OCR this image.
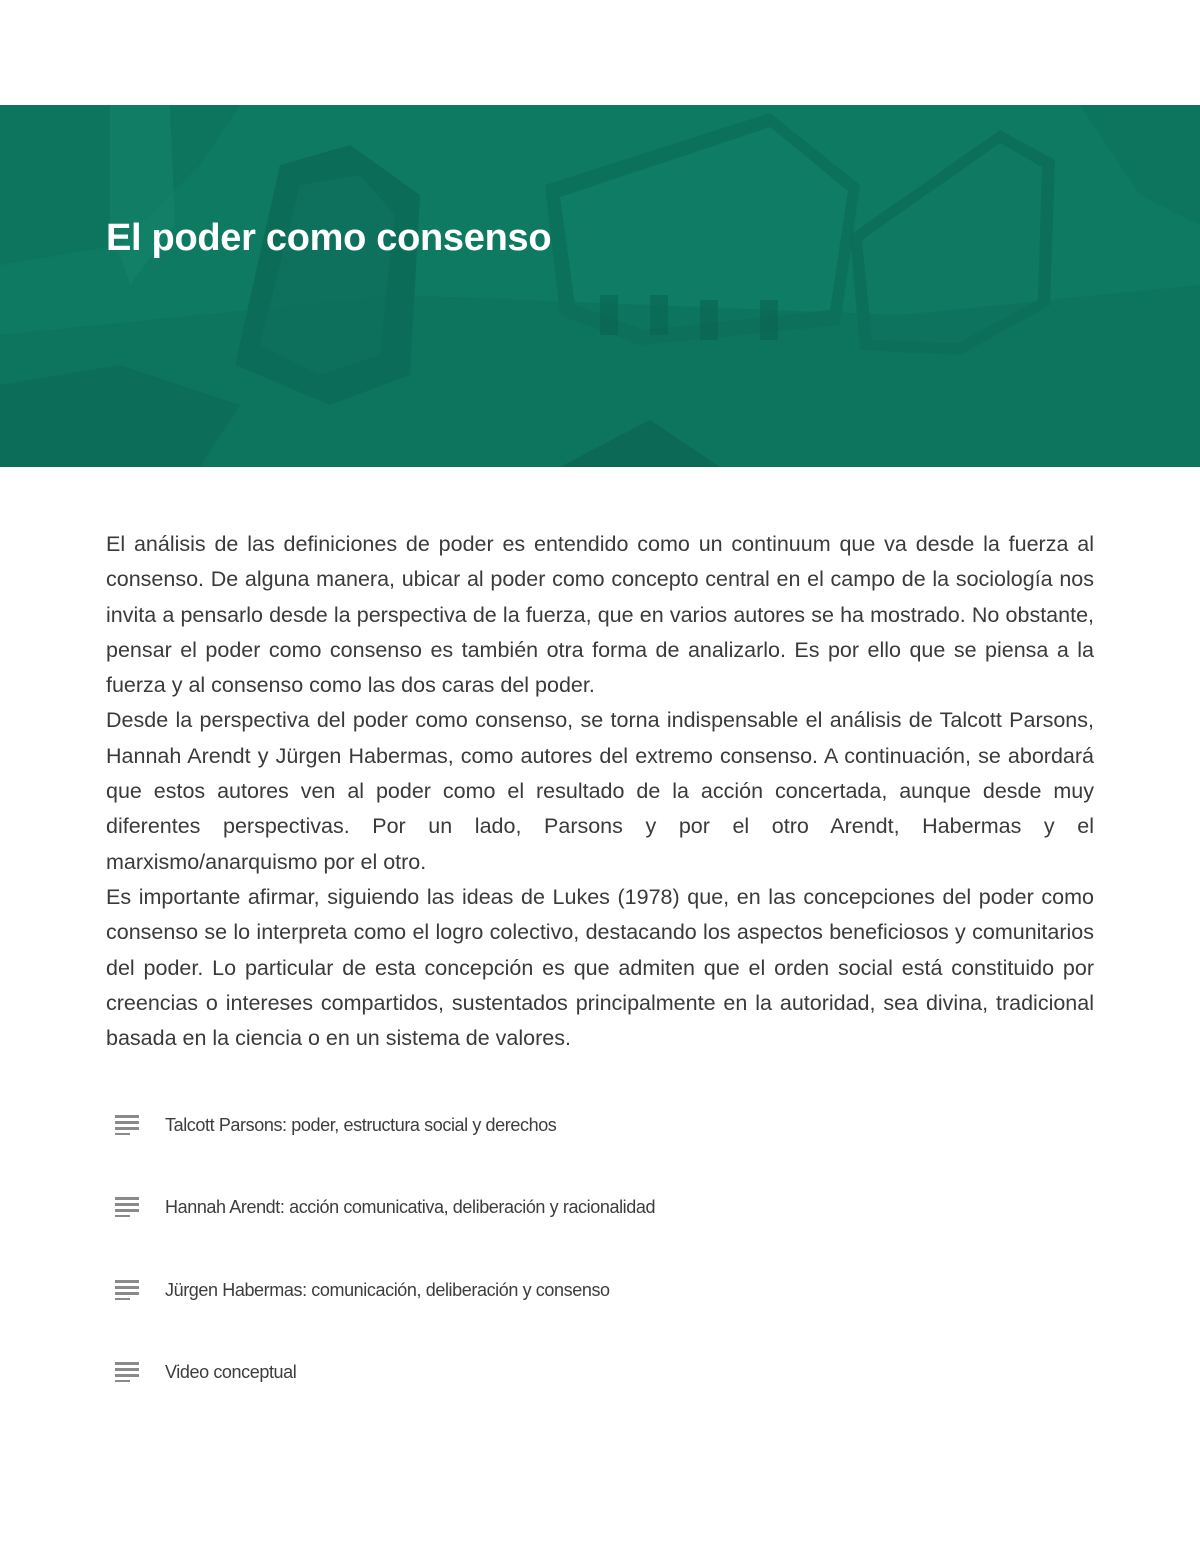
El poder como consenso

El análisis de las definiciones de poder es entendido como un continuum que va desde la fuerza al consenso. De alguna manera, ubicar al poder como concepto central en el campo de la sociología nos invita a pensarlo desde la perspectiva de la fuerza, que en varios autores se ha mostrado. No obstante, pensar el poder como consenso es también otra forma de analizarlo. Es por ello que se piensa a la fuerza y al consenso como las dos caras del poder.

Desde la perspectiva del poder como consenso, se torna indispensable el análisis de Talcott Parsons, Hannah Arendt y Jürgen Habermas, como autores del extremo consenso. A continuación, se abordará que estos autores ven al poder como el resultado de la acción concertada, aunque desde muy diferentes perspectivas. Por un lado, Parsons y por el otro Arendt, Habermas y el marxismo/anarquismo por el otro.

Es importante afirmar, siguiendo las ideas de Lukes (1978) que, en las concepciones del poder como consenso se lo interpreta como el logro colectivo, destacando los aspectos beneficiosos y comunitarios del poder. Lo particular de esta concepción es que admiten que el orden social está constituido por creencias o intereses compartidos, sustentados principalmente en la autoridad, sea divina, tradicional basada en la ciencia o en un sistema de valores.

Talcott Parsons: poder, estructura social y derechos
Hannah Arendt: acción comunicativa, deliberación y racionalidad
Jürgen Habermas: comunicación, deliberación y consenso
Video conceptual
